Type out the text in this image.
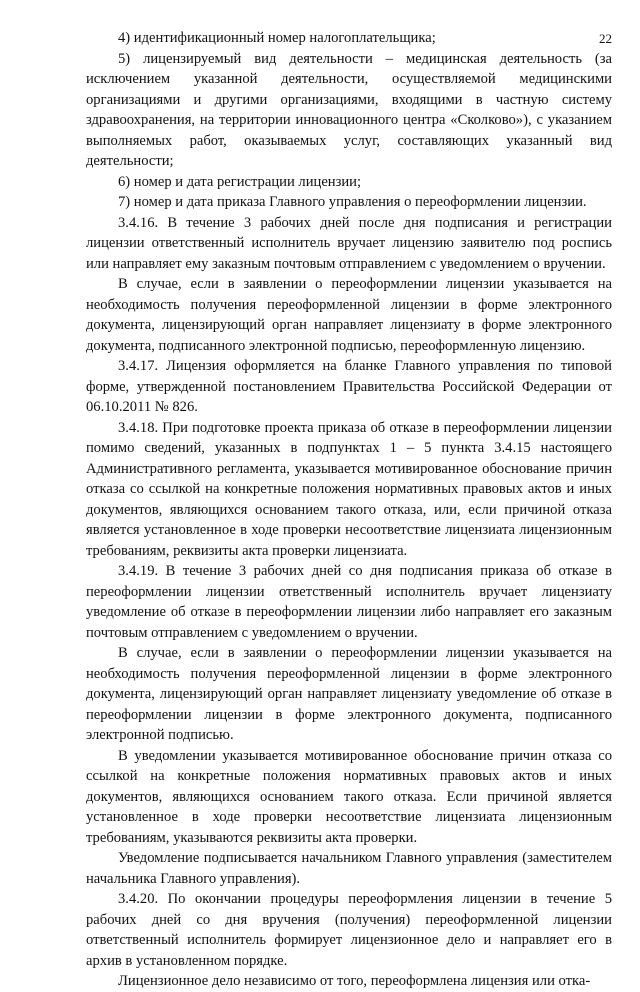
22

4) идентификационный номер налогоплательщика;

5) лицензируемый вид деятельности – медицинская деятельность (за исключением указанной деятельности, осуществляемой медицинскими организациями и другими организациями, входящими в частную систему здравоохранения, на территории инновационного центра «Сколково»), с указанием выполняемых работ, оказываемых услуг, составляющих указанный вид деятельности;

6) номер и дата регистрации лицензии;

7) номер и дата приказа Главного управления о переоформлении лицензии.

3.4.16. В течение 3 рабочих дней после дня подписания и регистрации лицензии ответственный исполнитель вручает лицензию заявителю под роспись или направляет ему заказным почтовым отправлением с уведомлением о вручении.

В случае, если в заявлении о переоформлении лицензии указывается на необходимость получения переоформленной лицензии в форме электронного документа, лицензирующий орган направляет лицензиату в форме электронного документа, подписанного электронной подписью, переоформленную лицензию.

3.4.17. Лицензия оформляется на бланке Главного управления по типовой форме, утвержденной постановлением Правительства Российской Федерации от 06.10.2011 № 826.

3.4.18. При подготовке проекта приказа об отказе в переоформлении лицензии помимо сведений, указанных в подпунктах 1 – 5 пункта 3.4.15 настоящего Административного регламента, указывается мотивированное обоснование причин отказа со ссылкой на конкретные положения нормативных правовых актов и иных документов, являющихся основанием такого отказа, или, если причиной отказа является установленное в ходе проверки несоответствие лицензиата лицензионным требованиям, реквизиты акта проверки лицензиата.

3.4.19. В течение 3 рабочих дней со дня подписания приказа об отказе в переоформлении лицензии ответственный исполнитель вручает лицензиату уведомление об отказе в переоформлении лицензии либо направляет его заказным почтовым отправлением с уведомлением о вручении.

В случае, если в заявлении о переоформлении лицензии указывается на необходимость получения переоформленной лицензии в форме электронного документа, лицензирующий орган направляет лицензиату уведомление об отказе в переоформлении лицензии в форме электронного документа, подписанного электронной подписью.

В уведомлении указывается мотивированное обоснование причин отказа со ссылкой на конкретные положения нормативных правовых актов и иных документов, являющихся основанием такого отказа. Если причиной является установленное в ходе проверки несоответствие лицензиата лицензионным требованиям, указываются реквизиты акта проверки.

Уведомление подписывается начальником Главного управления (заместителем начальника Главного управления).

3.4.20. По окончании процедуры переоформления лицензии в течение 5 рабочих дней со дня вручения (получения) переоформленной лицензии ответственный исполнитель формирует лицензионное дело и направляет его в архив в установленном порядке.

Лицензионное дело независимо от того, переоформлена лицензия или отка-
